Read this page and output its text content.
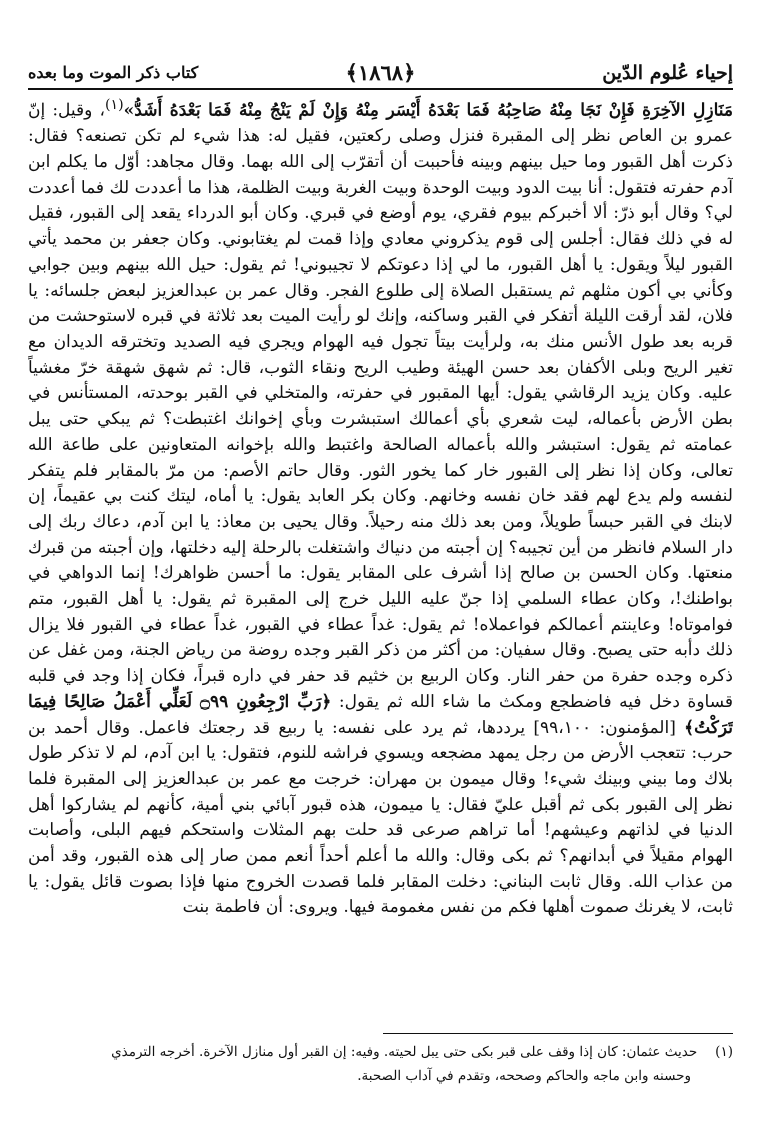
إحياء عُلوم الدّين
﴿١٨٦٨﴾
كتاب ذكر الموت وما بعده

مَنَازِلِ الآخِرَةِ فَإِنْ نَجَا مِنْهُ صَاحِبُهُ فَمَا بَعْدَهُ أَيْسَر مِنْهُ وَإِنْ لَمْ يَنْجُ مِنْهُ فَمَا بَعْدَهُ أَشَدُّ»$^{(١)}$، وقيل: إنّ عمرو بن العاص نظر إلى المقبرة فنزل وصلى ركعتين، فقيل له: هذا شيء لم تكن تصنعه؟ فقال: ذكرت أهل القبور وما حيل بينهم وبينه فأحببت أن أتقرّب إلى الله بهما. وقال مجاهد: أوّل ما يكلم ابن آدم حفرته فتقول: أنا بيت الدود وبيت الوحدة وبيت الغربة وبيت الظلمة، هذا ما أعددت لك فما أعددت لي؟ وقال أبو ذرّ: ألا أخبركم بيوم فقري، يوم أوضع في قبري. وكان أبو الدرداء يقعد إلى القبور، فقيل له في ذلك فقال: أجلس إلى قوم يذكروني معادي وإذا قمت لم يغتابوني. وكان جعفر بن محمد يأتي القبور ليلاً ويقول: يا أهل القبور، ما لي إذا دعوتكم لا تجيبوني! ثم يقول: حيل الله بينهم وبين جوابي وكأني بي أكون مثلهم ثم يستقبل الصلاة إلى طلوع الفجر. وقال عمر بن عبدالعزيز لبعض جلسائه: يا فلان، لقد أرقت الليلة أتفكر في القبر وساكنه، وإنك لو رأيت الميت بعد ثلاثة في قبره لاستوحشت من قربه بعد طول الأنس منك به، ولرأيت بيتاً تجول فيه الهوام ويجري فيه الصديد وتخترقه الديدان مع تغير الريح وبلى الأكفان بعد حسن الهيئة وطيب الريح ونقاء الثوب، قال: ثم شهق شهقة خرّ مغشياً عليه. وكان يزيد الرقاشي يقول: أيها المقبور في حفرته، والمتخلي في القبر بوحدته، المستأنس في بطن الأرض بأعماله، ليت شعري بأي أعمالك استبشرت وبأي إخوانك اغتبطت؟ ثم يبكي حتى يبل عمامته ثم يقول: استبشر والله بأعماله الصالحة واغتبط والله بإخوانه المتعاونين على طاعة الله تعالى، وكان إذا نظر إلى القبور خار كما يخور الثور. وقال حاتم الأصم: من مرّ بالمقابر فلم يتفكر لنفسه ولم يدع لهم فقد خان نفسه وخانهم. وكان بكر العابد يقول: يا أماه، ليتك كنت بي عقيماً، إن لابنك في القبر حبساً طويلاً، ومن بعد ذلك منه رحيلاً. وقال يحيى بن معاذ: يا ابن آدم، دعاك ربك إلى دار السلام فانظر من أين تجيبه؟ إن أجبته من دنياك واشتغلت بالرحلة إليه دخلتها، وإن أجبته من قبرك منعتها. وكان الحسن بن صالح إذا أشرف على المقابر يقول: ما أحسن ظواهرك! إنما الدواهي في بواطنك!، وكان عطاء السلمي إذا جنّ عليه الليل خرج إلى المقبرة ثم يقول: يا أهل القبور، متم فواموتاه! وعاينتم أعمالكم فواعملاه! ثم يقول: غداً عطاء في القبور، غداً عطاء في القبور فلا يزال ذلك دأبه حتى يصبح. وقال سفيان: من أكثر من ذكر القبر وجده روضة من رياض الجنة، ومن غفل عن ذكره وجده حفرة من حفر النار. وكان الربيع بن خثيم قد حفر في داره قبراً، فكان إذا وجد في قلبه قساوة دخل فيه فاضطجع ومكث ما شاء الله ثم يقول: ﴿رَبِّ ارْجِعُونِ ۝٩٩ لَعَلِّي أَعْمَلُ صَالِحًا فِيمَا تَرَكْتُ﴾ [المؤمنون: ٩٩،١٠٠] يرددها، ثم يرد على نفسه: يا ربيع قد رجعتك فاعمل. وقال أحمد بن حرب: تتعجب الأرض من رجل يمهد مضجعه ويسوي فراشه للنوم، فتقول: يا ابن آدم، لم لا تذكر طول بلاك وما بيني وبينك شيء! وقال ميمون بن مهران: خرجت مع عمر بن عبدالعزيز إلى المقبرة فلما نظر إلى القبور بكى ثم أقبل عليّ فقال: يا ميمون، هذه قبور آبائي بني أمية، كأنهم لم يشاركوا أهل الدنيا في لذاتهم وعيشهم! أما تراهم صرعى قد حلت بهم المثلات واستحكم فيهم البلى، وأصابت الهوام مقيلاً في أبدانهم؟ ثم بكى وقال: والله ما أعلم أحداً أنعم ممن صار إلى هذه القبور، وقد أمن من عذاب الله. وقال ثابت البناني: دخلت المقابر فلما قصدت الخروج منها فإذا بصوت قائل يقول: يا ثابت، لا يغرنك صموت أهلها فكم من نفس مغمومة فيها. ويروى: أن فاطمة بنت

(١)حديث عثمان: كان إذا وقف على قبر بكى حتى يبل لحيته. وفيه: إن القبر أول منازل الآخرة. أخرجه الترمذي
وحسنه وابن ماجه والحاكم وصححه، وتقدم في آداب الصحبة.
